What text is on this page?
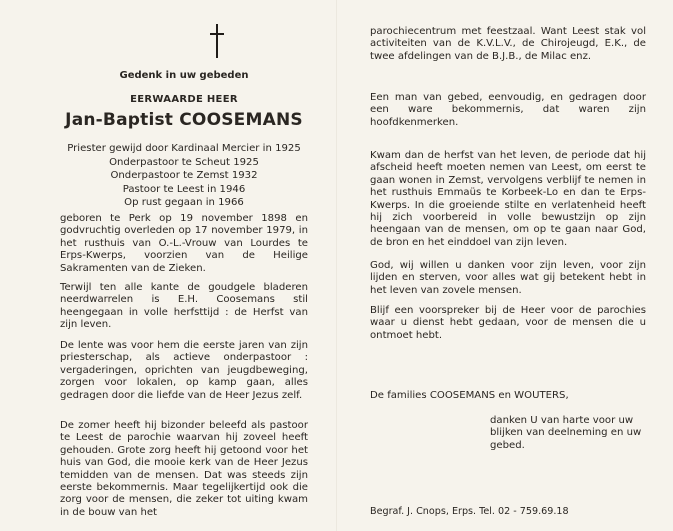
Gedenk in uw gebeden
EERWAARDE HEER
Jan-Baptist COOSEMANS
Priester gewijd door Kardinaal Mercier in 1925
Onderpastoor te Scheut 1925
Onderpastoor te Zemst 1932
Pastoor te Leest in 1946
Op rust gegaan in 1966

geboren te Perk op 19 november 1898 en godvruchtig overleden op 17 november 1979, in het rusthuis van O.-L.-Vrouw van Lourdes te Erps-Kwerps, voorzien van de Heilige Sakramenten van de Zieken.

Terwijl ten alle kante de goudgele bladeren neerdwarrelen is E.H. Coosemans stil heengegaan in volle herfsttijd : de Herfst van zijn leven.

De lente was voor hem die eerste jaren van zijn priesterschap, als actieve onderpastoor : vergaderingen, oprichten van jeugdbeweging, zorgen voor lokalen, op kamp gaan, alles gedragen door die liefde van de Heer Jezus zelf.

De zomer heeft hij bizonder beleefd als pastoor te Leest de parochie waarvan hij zoveel heeft gehouden. Grote zorg heeft hij getoond voor het huis van God, die mooie kerk van de Heer Jezus temidden van de mensen. Dat was steeds zijn eerste bekommernis. Maar tegelijkertijd ook die zorg voor de mensen, die zeker tot uiting kwam in de bouw van het

parochiecentrum met feestzaal. Want Leest stak vol activiteiten van de K.V.L.V., de Chirojeugd, E.K., de twee afdelingen van de B.J.B., de Milac enz.

Een man van gebed, eenvoudig, en gedragen door een ware bekommernis, dat waren zijn hoofdkenmerken.

Kwam dan de herfst van het leven, de periode dat hij afscheid heeft moeten nemen van Leest, om eerst te gaan wonen in Zemst, vervolgens verblijf te nemen in het rusthuis Emmaüs te Korbeek-Lo en dan te Erps-Kwerps. In die groeiende stilte en verlatenheid heeft hij zich voorbereid in volle bewustzijn op zijn heengaan van de mensen, om op te gaan naar God, de bron en het einddoel van zijn leven.

God, wij willen u danken voor zijn leven, voor zijn lijden en sterven, voor alles wat gij betekent hebt in het leven van zovele mensen.

Blijf een voorspreker bij de Heer voor de parochies waar u dienst hebt gedaan, voor de mensen die u ontmoet hebt.

De families COOSEMANS en WOUTERS,

danken U van harte voor uw blijken van deelneming en uw gebed.

Begraf. J. Cnops, Erps. Tel. 02 - 759.69.18
